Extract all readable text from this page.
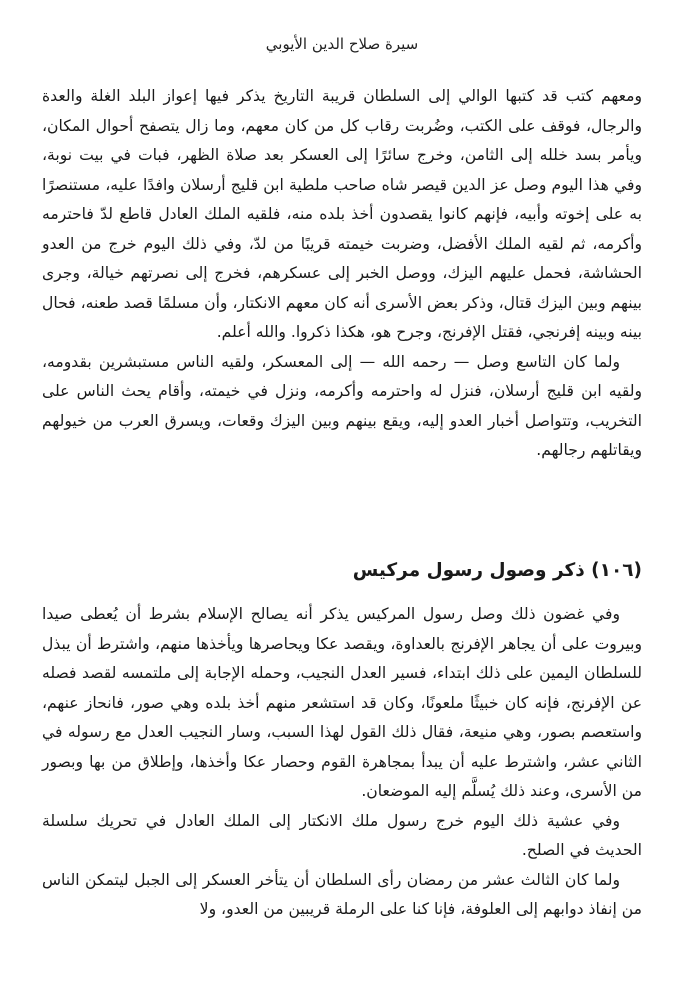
سيرة صلاح الدين الأيوبي

ومعهم كتب قد كتبها الوالي إلى السلطان قريبة التاريخ يذكر فيها إعواز البلد الغلة والعدة والرجال، فوقف على الكتب، وضُربت رقاب كل من كان معهم، وما زال يتصفح أحوال المكان، ويأمر بسد خلله إلى الثامن، وخرج سائرًا إلى العسكر بعد صلاة الظهر، فبات في بيت نوبة، وفي هذا اليوم وصل عز الدين قيصر شاه صاحب ملطية ابن قليج أرسلان وافدًا عليه، مستنصرًا به على إخوته وأبيه، فإنهم كانوا يقصدون أخذ بلده منه، فلقيه الملك العادل قاطع لدّ فاحترمه وأكرمه، ثم لقيه الملك الأفضل، وضربت خيمته قريبًا من لدّ، وفي ذلك اليوم خرج من العدو الحشاشة، فحمل عليهم اليزك، ووصل الخبر إلى عسكرهم، فخرج إلى نصرتهم خيالة، وجرى بينهم وبين اليزك قتال، وذكر بعض الأسرى أنه كان معهم الانكتار، وأن مسلمًا قصد طعنه، فحال بينه وبينه إفرنجي، فقتل الإفرنج، وجرح هو، هكذا ذكروا. والله أعلم.

ولما كان التاسع وصل — رحمه الله — إلى المعسكر، ولقيه الناس مستبشرين بقدومه، ولقيه ابن قليج أرسلان، فنزل له واحترمه وأكرمه، ونزل في خيمته، وأقام يحث الناس على التخريب، وتتواصل أخبار العدو إليه، ويقع بينهم وبين اليزك وقعات، ويسرق العرب من خيولهم ويقاتلهم رجالهم.

(١٠٦) ذكر وصول رسول مركيس

وفي غضون ذلك وصل رسول المركيس يذكر أنه يصالح الإسلام بشرط أن يُعطى صيدا وبيروت على أن يجاهر الإفرنج بالعداوة، ويقصد عكا ويحاصرها ويأخذها منهم، واشترط أن يبذل للسلطان اليمين على ذلك ابتداء، فسير العدل النجيب، وحمله الإجابة إلى ملتمسه لقصد فصله عن الإفرنج، فإنه كان خبيثًا ملعونًا، وكان قد استشعر منهم أخذ بلده وهي صور، فانحاز عنهم، واستعصم بصور، وهي منيعة، فقال ذلك القول لهذا السبب، وسار النجيب العدل مع رسوله في الثاني عشر، واشترط عليه أن يبدأ بمجاهرة القوم وحصار عكا وأخذها، وإطلاق من بها وبصور من الأسرى، وعند ذلك يُسلَّم إليه الموضعان.

وفي عشية ذلك اليوم خرج رسول ملك الانكتار إلى الملك العادل في تحريك سلسلة الحديث في الصلح.

ولما كان الثالث عشر من رمضان رأى السلطان أن يتأخر العسكر إلى الجبل ليتمكن الناس من إنفاذ دوابهم إلى العلوفة، فإنا كنا على الرملة قريبين من العدو، ولا
